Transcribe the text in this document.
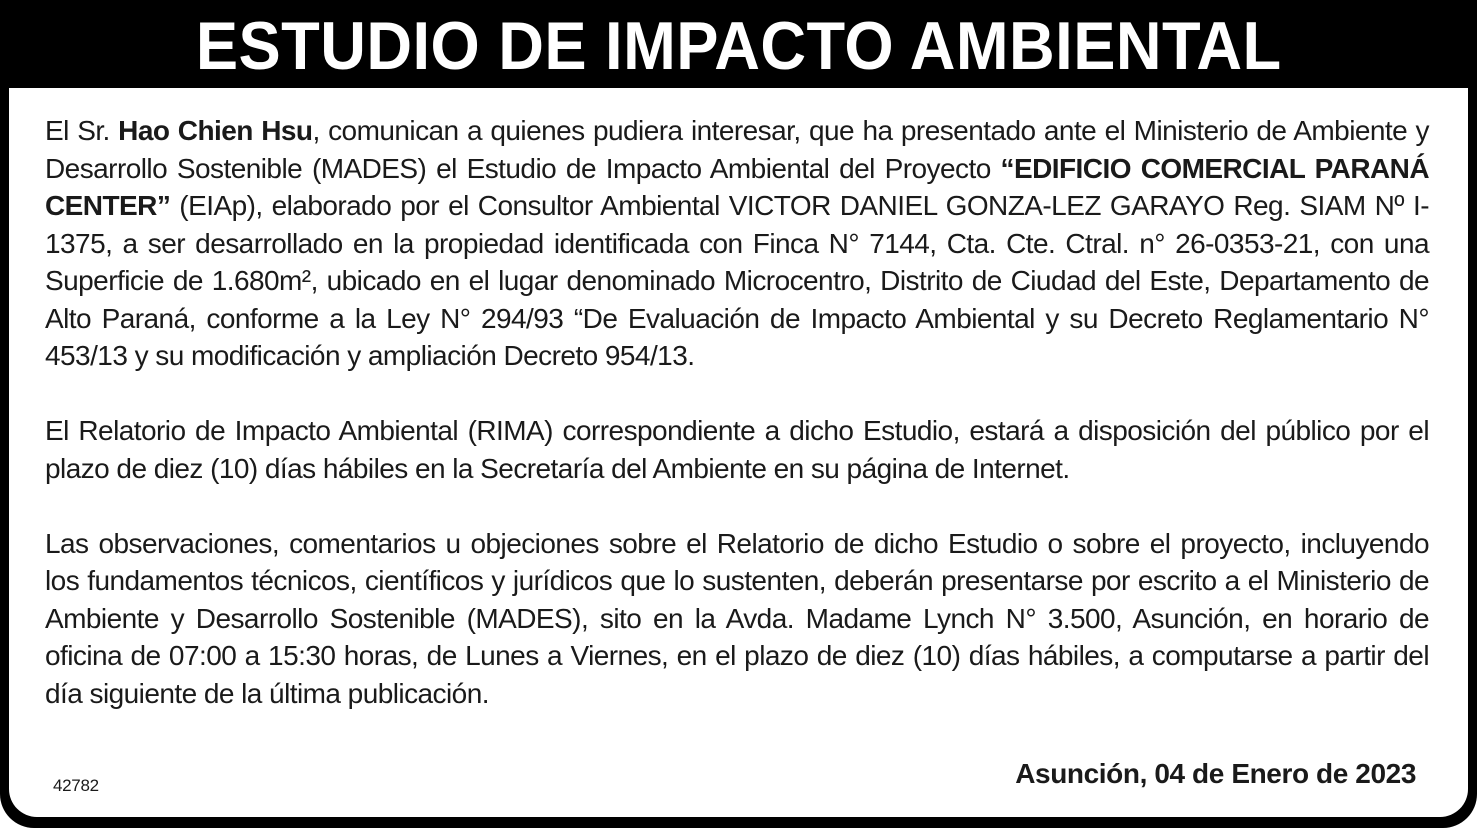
ESTUDIO DE IMPACTO AMBIENTAL

El Sr. Hao Chien Hsu, comunican a quienes pudiera interesar, que ha presentado ante el Ministerio de Ambiente y Desarrollo Sostenible (MADES) el Estudio de Impacto Ambiental del Proyecto “EDIFICIO COMERCIAL PARANÁ CENTER” (EIAp), elaborado por el Consultor Ambiental VICTOR DANIEL GONZA-LEZ GARAYO Reg. SIAM Nº I-1375, a ser desarrollado en la propiedad identificada con Finca N° 7144, Cta. Cte. Ctral. n° 26-0353-21, con una Superficie de 1.680m², ubicado en el lugar denominado Microcentro, Distrito de Ciudad del Este, Departamento de Alto Paraná, conforme a la Ley N° 294/93 “De Evaluación de Impacto Ambiental y su Decreto Reglamentario N° 453/13 y su modificación y ampliación Decreto 954/13.

El Relatorio de Impacto Ambiental (RIMA) correspondiente a dicho Estudio, estará a disposición del público por el plazo de diez (10) días hábiles en la Secretaría del Ambiente en su página de Internet.

Las observaciones, comentarios u objeciones sobre el Relatorio de dicho Estudio o sobre el proyecto, incluyendo los fundamentos técnicos, científicos y jurídicos que lo sustenten, deberán presentarse por escrito a el Ministerio de Ambiente y Desarrollo Sostenible (MADES), sito en la Avda. Madame Lynch N° 3.500, Asunción, en horario de oficina de 07:00 a 15:30 horas, de Lunes a Viernes, en el plazo de diez (10) días hábiles, a computarse a partir del día siguiente de la última publicación.

42782	Asunción, 04 de Enero de 2023
